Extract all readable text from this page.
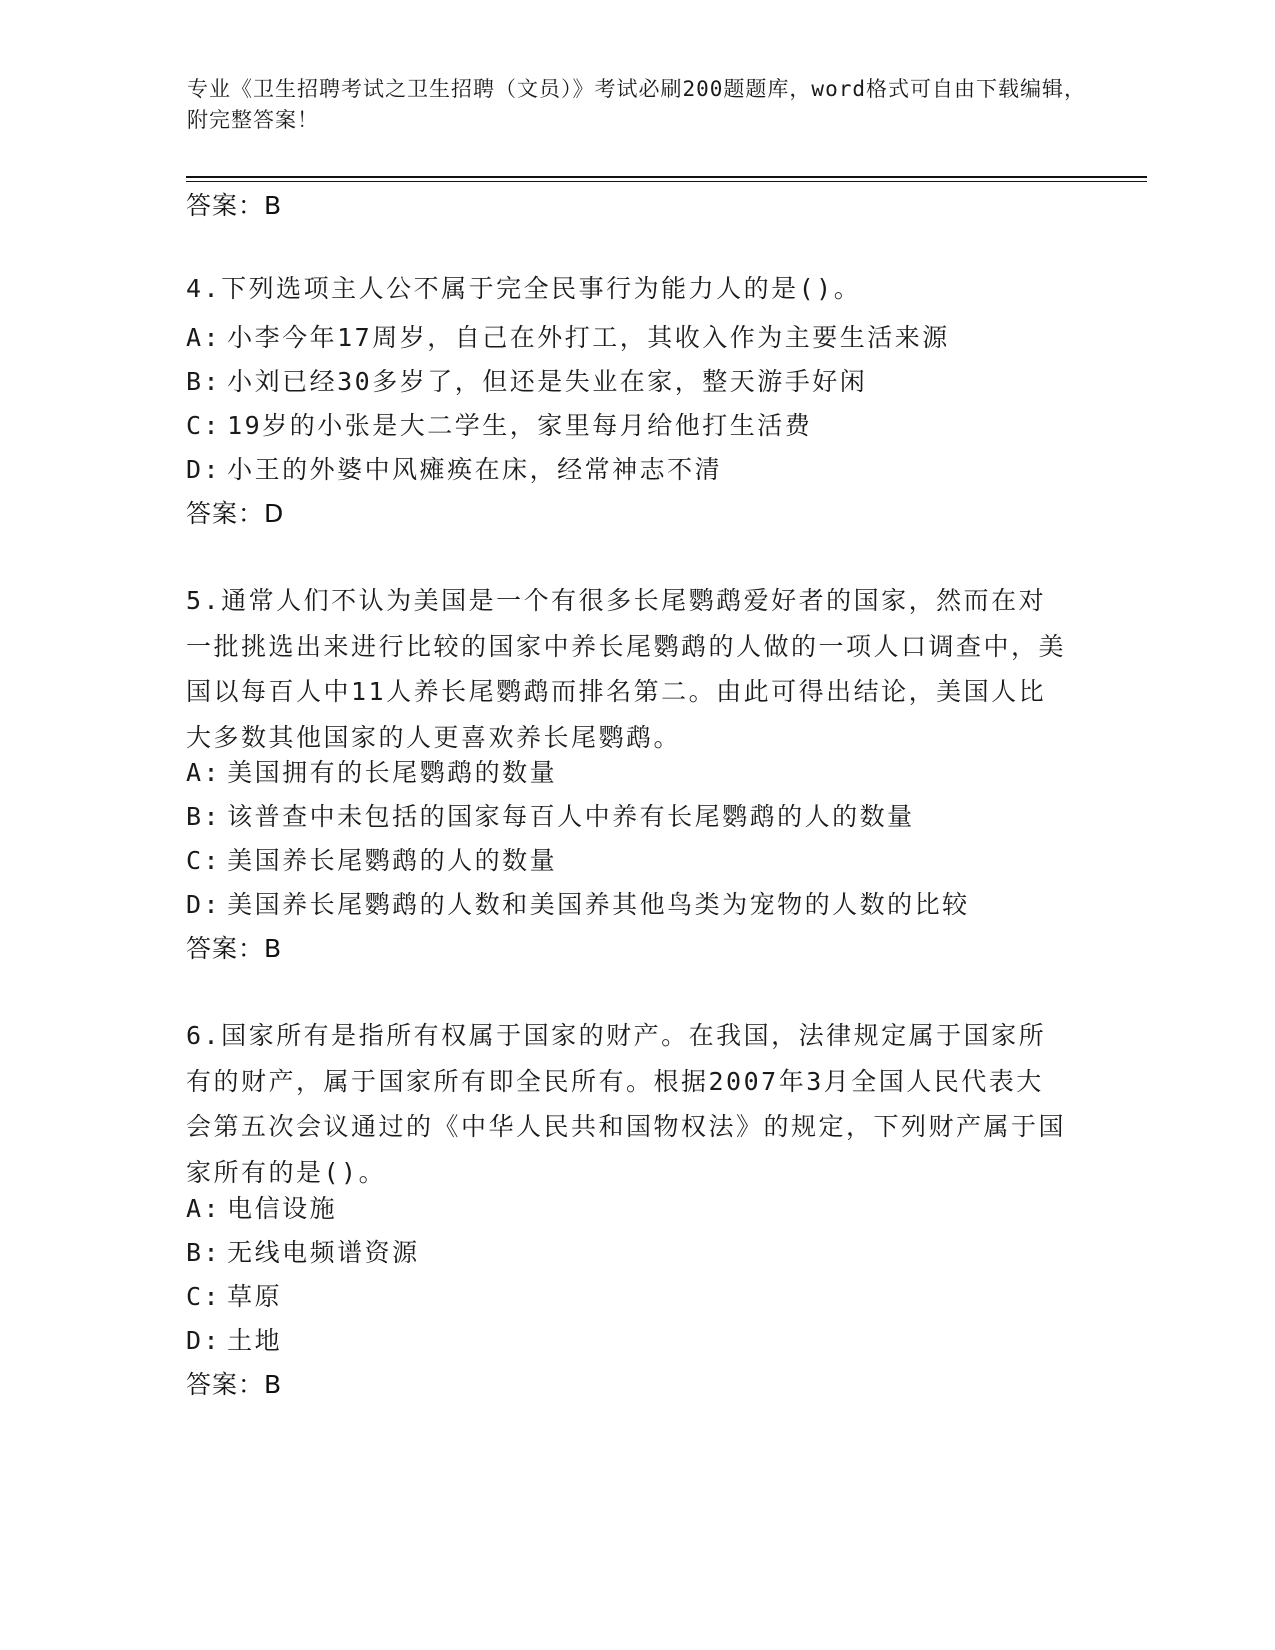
专业《卫生招聘考试之卫生招聘（文员）》考试必刷200题题库，word格式可自由下载编辑，附完整答案！
答案：B
4.下列选项主人公不属于完全民事行为能力人的是()。
A: 小李今年17周岁，自己在外打工，其收入作为主要生活来源
B: 小刘已经30多岁了，但还是失业在家，整天游手好闲
C: 19岁的小张是大二学生，家里每月给他打生活费
D: 小王的外婆中风瘫痪在床，经常神志不清
答案：D
5.通常人们不认为美国是一个有很多长尾鹦鹉爱好者的国家，然而在对一批挑选出来进行比较的国家中养长尾鹦鹉的人做的一项人口调查中，美国以每百人中11人养长尾鹦鹉而排名第二。由此可得出结论，美国人比大多数其他国家的人更喜欢养长尾鹦鹉。
A: 美国拥有的长尾鹦鹉的数量
B: 该普查中未包括的国家每百人中养有长尾鹦鹉的人的数量
C: 美国养长尾鹦鹉的人的数量
D: 美国养长尾鹦鹉的人数和美国养其他鸟类为宠物的人数的比较
答案：B
6.国家所有是指所有权属于国家的财产。在我国，法律规定属于国家所有的财产，属于国家所有即全民所有。根据2007年3月全国人民代表大会第五次会议通过的《中华人民共和国物权法》的规定，下列财产属于国家所有的是()。
A: 电信设施
B: 无线电频谱资源
C: 草原
D: 土地
答案：B
